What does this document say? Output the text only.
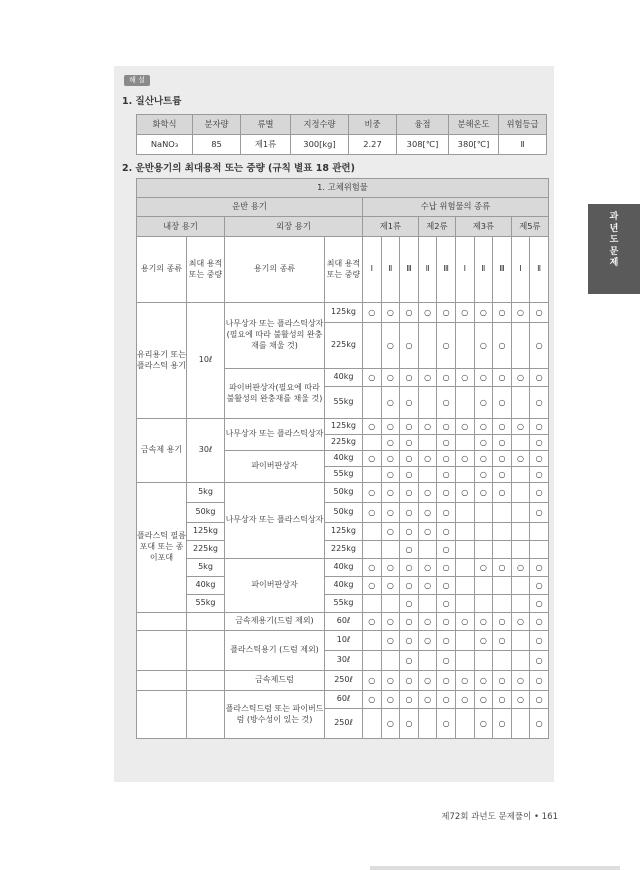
해 설
1. 질산나트륨
화학식	분자량	류별	지정수량	비중	융점	분해온도	위험등급
NaNO₃	85	제1류	300[kg]	2.27	308[℃]	380[℃]	Ⅱ
2. 운반용기의 최대용적 또는 중량 (규칙 별표 18 관련)
1. 고체위험물													
운반 용기				수납 위험물의 종류									
내장 용기		외장 용기		제1류			제2류		제3류			제5류	
용기의 종류	최대 용적 또는 중량	용기의 종류	최대 용적 또는 중량	Ⅰ	Ⅱ	Ⅲ	Ⅱ	Ⅲ	Ⅰ	Ⅱ	Ⅲ	Ⅰ	Ⅱ
유리용기 또는 플라스틱 용기	10ℓ	나무상자 또는 플라스틱상자(필요에 따라 불활성의 완충재를 채울 것)	125kg	○	○	○	○	○	○	○	○	○	○
			225kg		○	○		○		○	○		○
		파이버판상자(필요에 따라 불활성의 완충재를 채울 것)	40kg	○	○	○	○	○	○	○	○	○	○
			55kg		○	○		○		○	○		○
금속제 용기	30ℓ	나무상자 또는 플라스틱상자	125kg	○	○	○	○	○	○	○	○	○	○
			225kg		○	○		○		○	○		○
		파이버판상자	40kg	○	○	○	○	○	○	○	○	○	○
			55kg		○	○		○		○	○		○
플라스틱 필름포대 또는 종이포대	5kg	나무상자 또는 플라스틱상자	50kg	○	○	○	○	○	○	○	○		○
	50kg		50kg	○	○	○	○	○					○
	125kg		125kg		○	○	○	○					
	225kg		225kg			○		○					
	5kg	파이버판상자	40kg	○	○	○	○	○		○	○	○	○
	40kg		40kg	○	○	○	○	○					○
	55kg		55kg			○		○					○
		금속제용기(드럼 제외)	60ℓ	○	○	○	○	○	○	○	○	○	○
		플라스틱용기 (드럼 제외)	10ℓ		○	○	○	○		○	○		○
			30ℓ			○		○					○
		금속제드럼	250ℓ	○	○	○	○	○	○	○	○	○	○
		플라스틱드럼 또는 파이버드럼 (방수성이 있는 것)	60ℓ	○	○	○	○	○	○	○	○	○	○
			250ℓ		○	○		○		○	○		○
과
년
도
문
제
제72회 과년도 문제풀이 • 161
